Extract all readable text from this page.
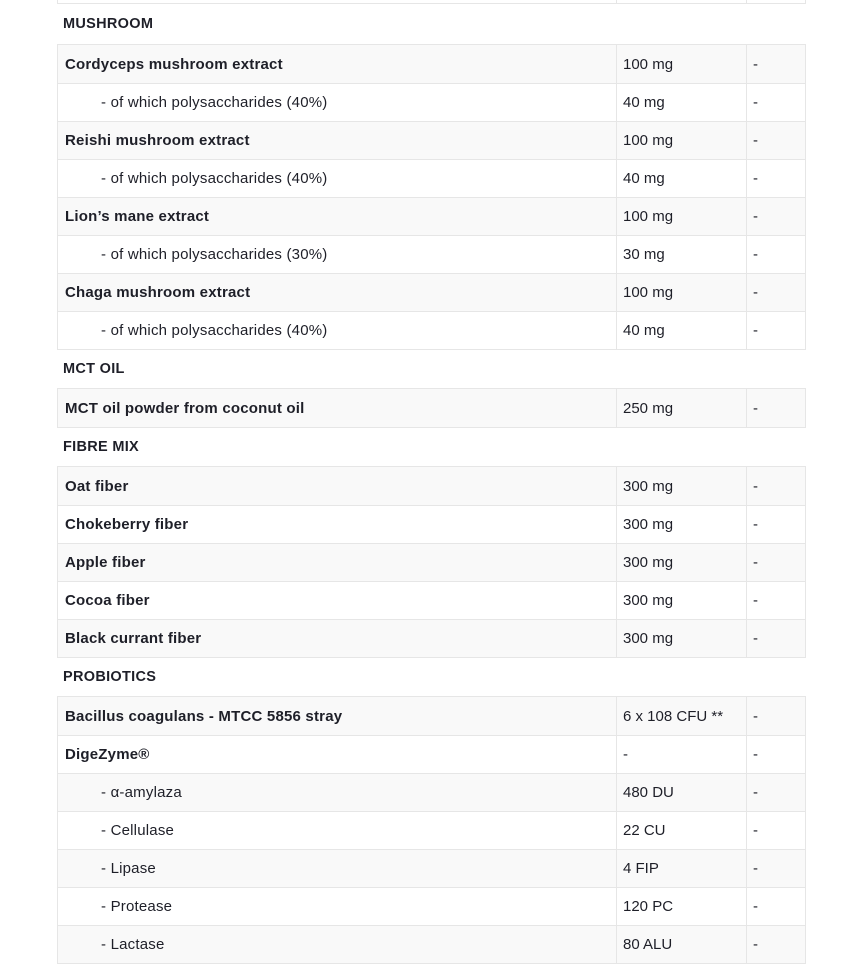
MUSHROOM
Cordyceps mushroom extract	100 mg	-
- of which polysaccharides (40%)	40 mg	-
Reishi mushroom extract	100 mg	-
- of which polysaccharides (40%)	40 mg	-
Lion’s mane extract	100 mg	-
- of which polysaccharides (30%)	30 mg	-
Chaga mushroom extract	100 mg	-
- of which polysaccharides (40%)	40 mg	-
MCT OIL
MCT oil powder from coconut oil	250 mg	-
FIBRE MIX
Oat fiber	300 mg	-
Chokeberry fiber	300 mg	-
Apple fiber	300 mg	-
Cocoa fiber	300 mg	-
Black currant fiber	300 mg	-
PROBIOTICS
Bacillus coagulans - MTCC 5856 stray	6 x 108 CFU **	-
DigeZyme®	-	-
- α-amylaza	480 DU	-
- Cellulase	22 CU	-
- Lipase	4 FIP	-
- Protease	120 PC	-
- Lactase	80 ALU	-
